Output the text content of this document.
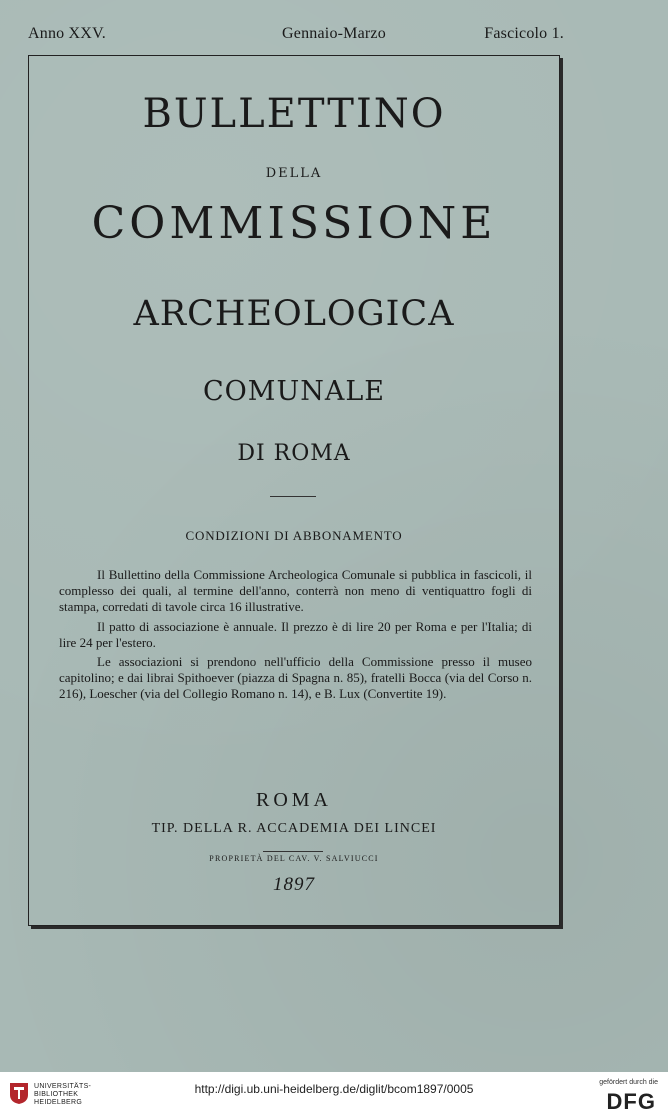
Anno XXV.	Gennaio-Marzo	Fascicolo 1.
BULLETTINO
DELLA
COMMISSIONE
ARCHEOLOGICA
COMUNALE
DI ROMA
CONDIZIONI DI ABBONAMENTO

Il Bullettino della Commissione Archeologica Comunale si pubblica in fascicoli, il complesso dei quali, al termine dell'anno, conterrà non meno di ventiquattro fogli di stampa, corredati di tavole circa 16 illustrative.

Il patto di associazione è annuale. Il prezzo è di lire 20 per Roma e per l'Italia; di lire 24 per l'estero.

Le associazioni si prendono nell'ufficio della Commissione presso il museo capitolino; e dai librai Spithoever (piazza di Spagna n. 85), fratelli Bocca (via del Corso n. 216), Loescher (via del Collegio Romano n. 14), e B. Lux (Convertite 19).

ROMA
TIP. DELLA R. ACCADEMIA DEI LINCEI
PROPRIETÀ DEL CAV. V. SALVIUCCI
1897
UNIVERSITÄTS-
BIBLIOTHEK
HEIDELBERG
http://digi.ub.uni-heidelberg.de/diglit/bcom1897/0005	gefördert durch die
DFG
